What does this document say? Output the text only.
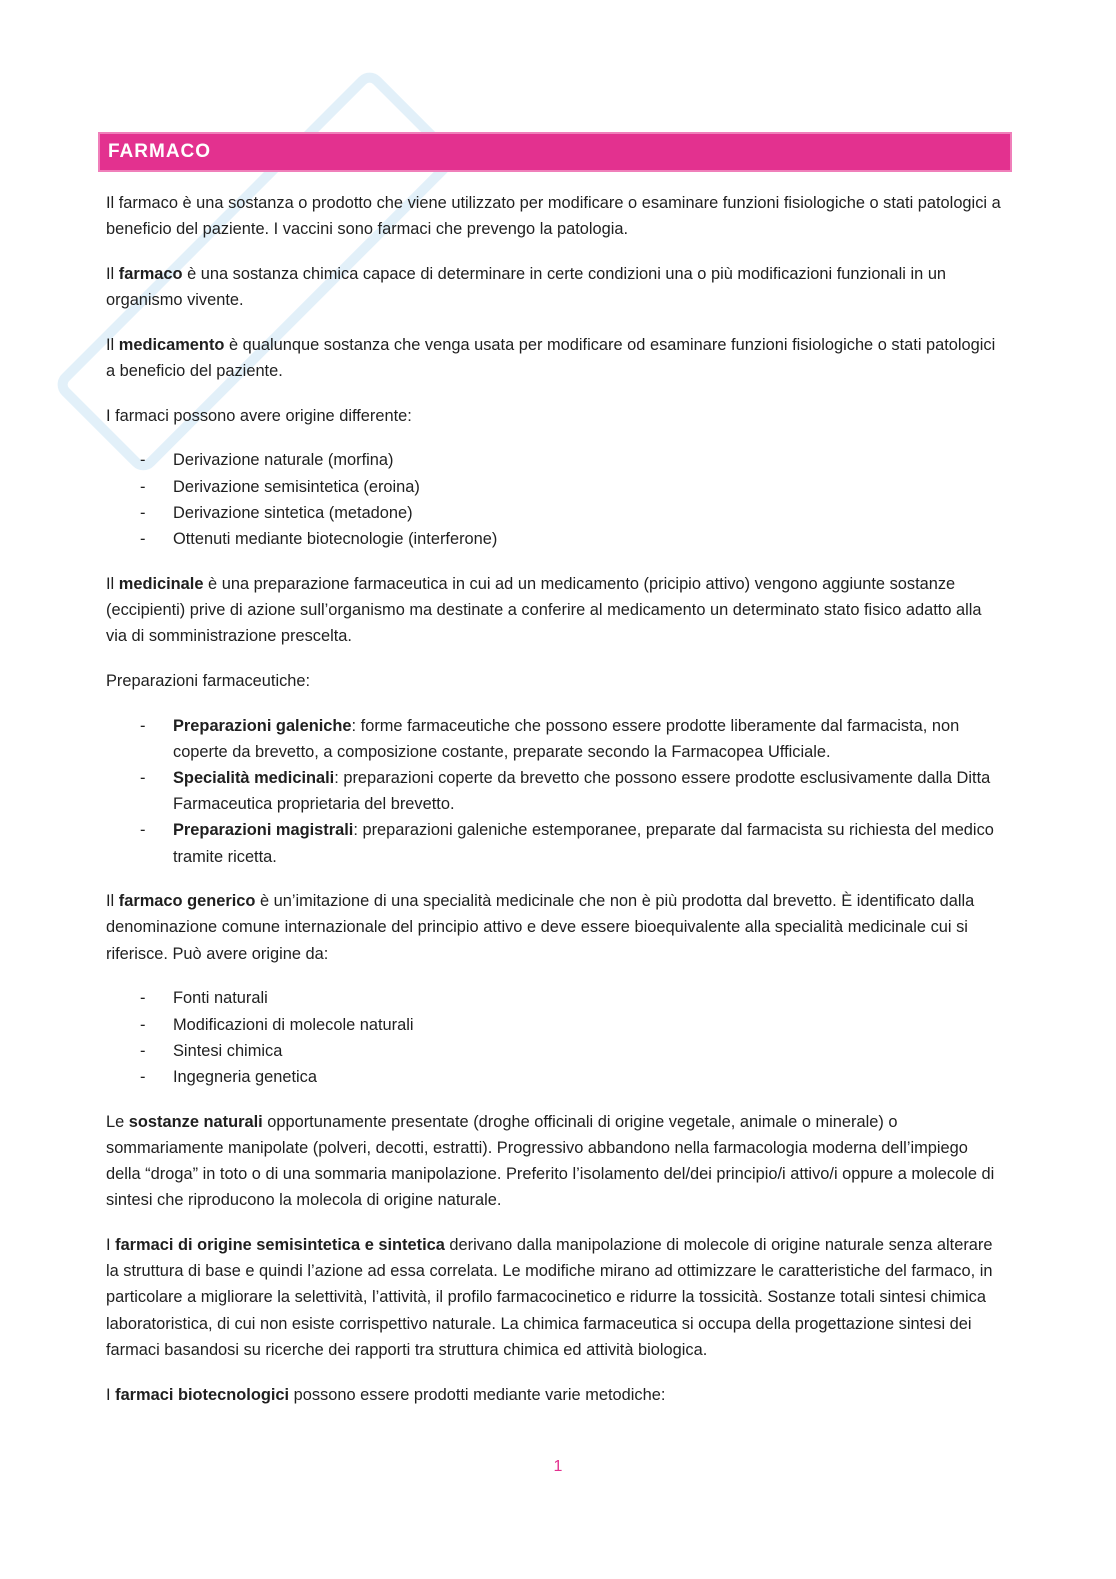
FARMACO

Il farmaco è una sostanza o prodotto che viene utilizzato per modificare o esaminare funzioni fisiologiche o stati patologici a beneficio del paziente. I vaccini sono farmaci che prevengo la patologia.

Il farmaco è una sostanza chimica capace di determinare in certe condizioni una o più modificazioni funzionali in un organismo vivente.

Il medicamento è qualunque sostanza che venga usata per modificare od esaminare funzioni fisiologiche o stati patologici a beneficio del paziente.

I farmaci possono avere origine differente:

- Derivazione naturale (morfina)
- Derivazione semisintetica (eroina)
- Derivazione sintetica (metadone)
- Ottenuti mediante biotecnologie (interferone)

Il medicinale è una preparazione farmaceutica in cui ad un medicamento (pricipio attivo) vengono aggiunte sostanze (eccipienti) prive di azione sull’organismo ma destinate a conferire al medicamento un determinato stato fisico adatto alla via di somministrazione prescelta.

Preparazioni farmaceutiche:

- Preparazioni galeniche: forme farmaceutiche che possono essere prodotte liberamente dal farmacista, non coperte da brevetto, a composizione costante, preparate secondo la Farmacopea Ufficiale.
- Specialità medicinali: preparazioni coperte da brevetto che possono essere prodotte esclusivamente dalla Ditta Farmaceutica proprietaria del brevetto.
- Preparazioni magistrali: preparazioni galeniche estemporanee, preparate dal farmacista su richiesta del medico tramite ricetta.

Il farmaco generico è un’imitazione di una specialità medicinale che non è più prodotta dal brevetto. È identificato dalla denominazione comune internazionale del principio attivo e deve essere bioequivalente alla specialità medicinale cui si riferisce. Può avere origine da:

- Fonti naturali
- Modificazioni di molecole naturali
- Sintesi chimica
- Ingegneria genetica

Le sostanze naturali opportunamente presentate (droghe officinali di origine vegetale, animale o minerale) o sommariamente manipolate (polveri, decotti, estratti). Progressivo abbandono nella farmacologia moderna dell’impiego della “droga” in toto o di una sommaria manipolazione. Preferito l’isolamento del/dei principio/i attivo/i oppure a molecole di sintesi che riproducono la molecola di origine naturale.

I farmaci di origine semisintetica e sintetica derivano dalla manipolazione di molecole di origine naturale senza alterare la struttura di base e quindi l’azione ad essa correlata. Le modifiche mirano ad ottimizzare le caratteristiche del farmaco, in particolare a migliorare la selettività, l’attività, il profilo farmacocinetico e ridurre la tossicità. Sostanze totali sintesi chimica laboratoristica, di cui non esiste corrispettivo naturale. La chimica farmaceutica si occupa della progettazione sintesi dei farmaci basandosi su ricerche dei rapporti tra struttura chimica ed attività biologica.

I farmaci biotecnologici possono essere prodotti mediante varie metodiche:

1
